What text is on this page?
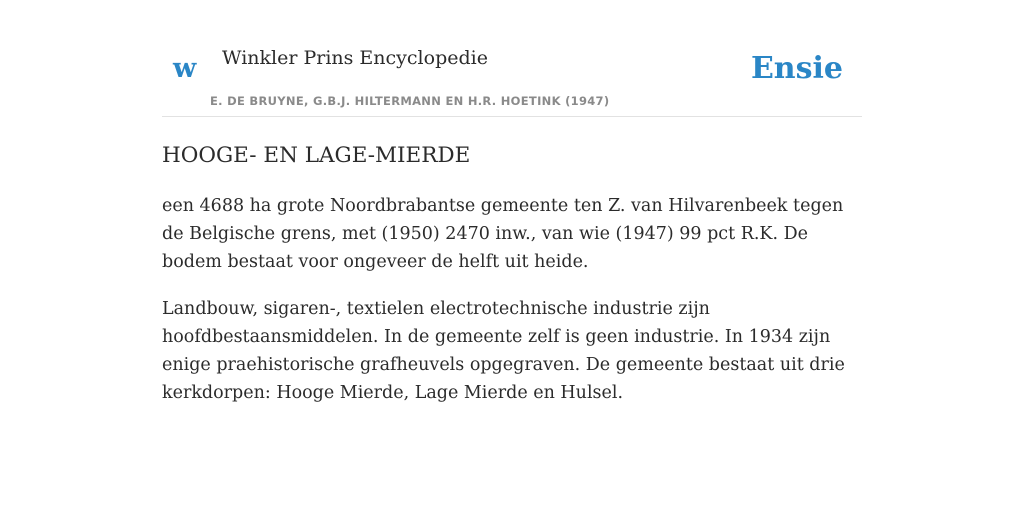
w Winkler Prins Encyclopedie
E. DE BRUYNE, G.B.J. HILTERMANN EN H.R. HOETINK (1947)
Ensie
HOOGE- EN LAGE-MIERDE

een 4688 ha grote Noordbrabantse gemeente ten Z. van Hilvarenbeek tegen de Belgische grens, met (1950) 2470 inw., van wie (1947) 99 pct R.K. De bodem bestaat voor ongeveer de helft uit heide.

Landbouw, sigaren-, textielen electrotechnische industrie zijn hoofdbestaansmiddelen. In de gemeente zelf is geen industrie. In 1934 zijn enige praehistorische grafheuvels opgegraven. De gemeente bestaat uit drie kerkdorpen: Hooge Mierde, Lage Mierde en Hulsel.
